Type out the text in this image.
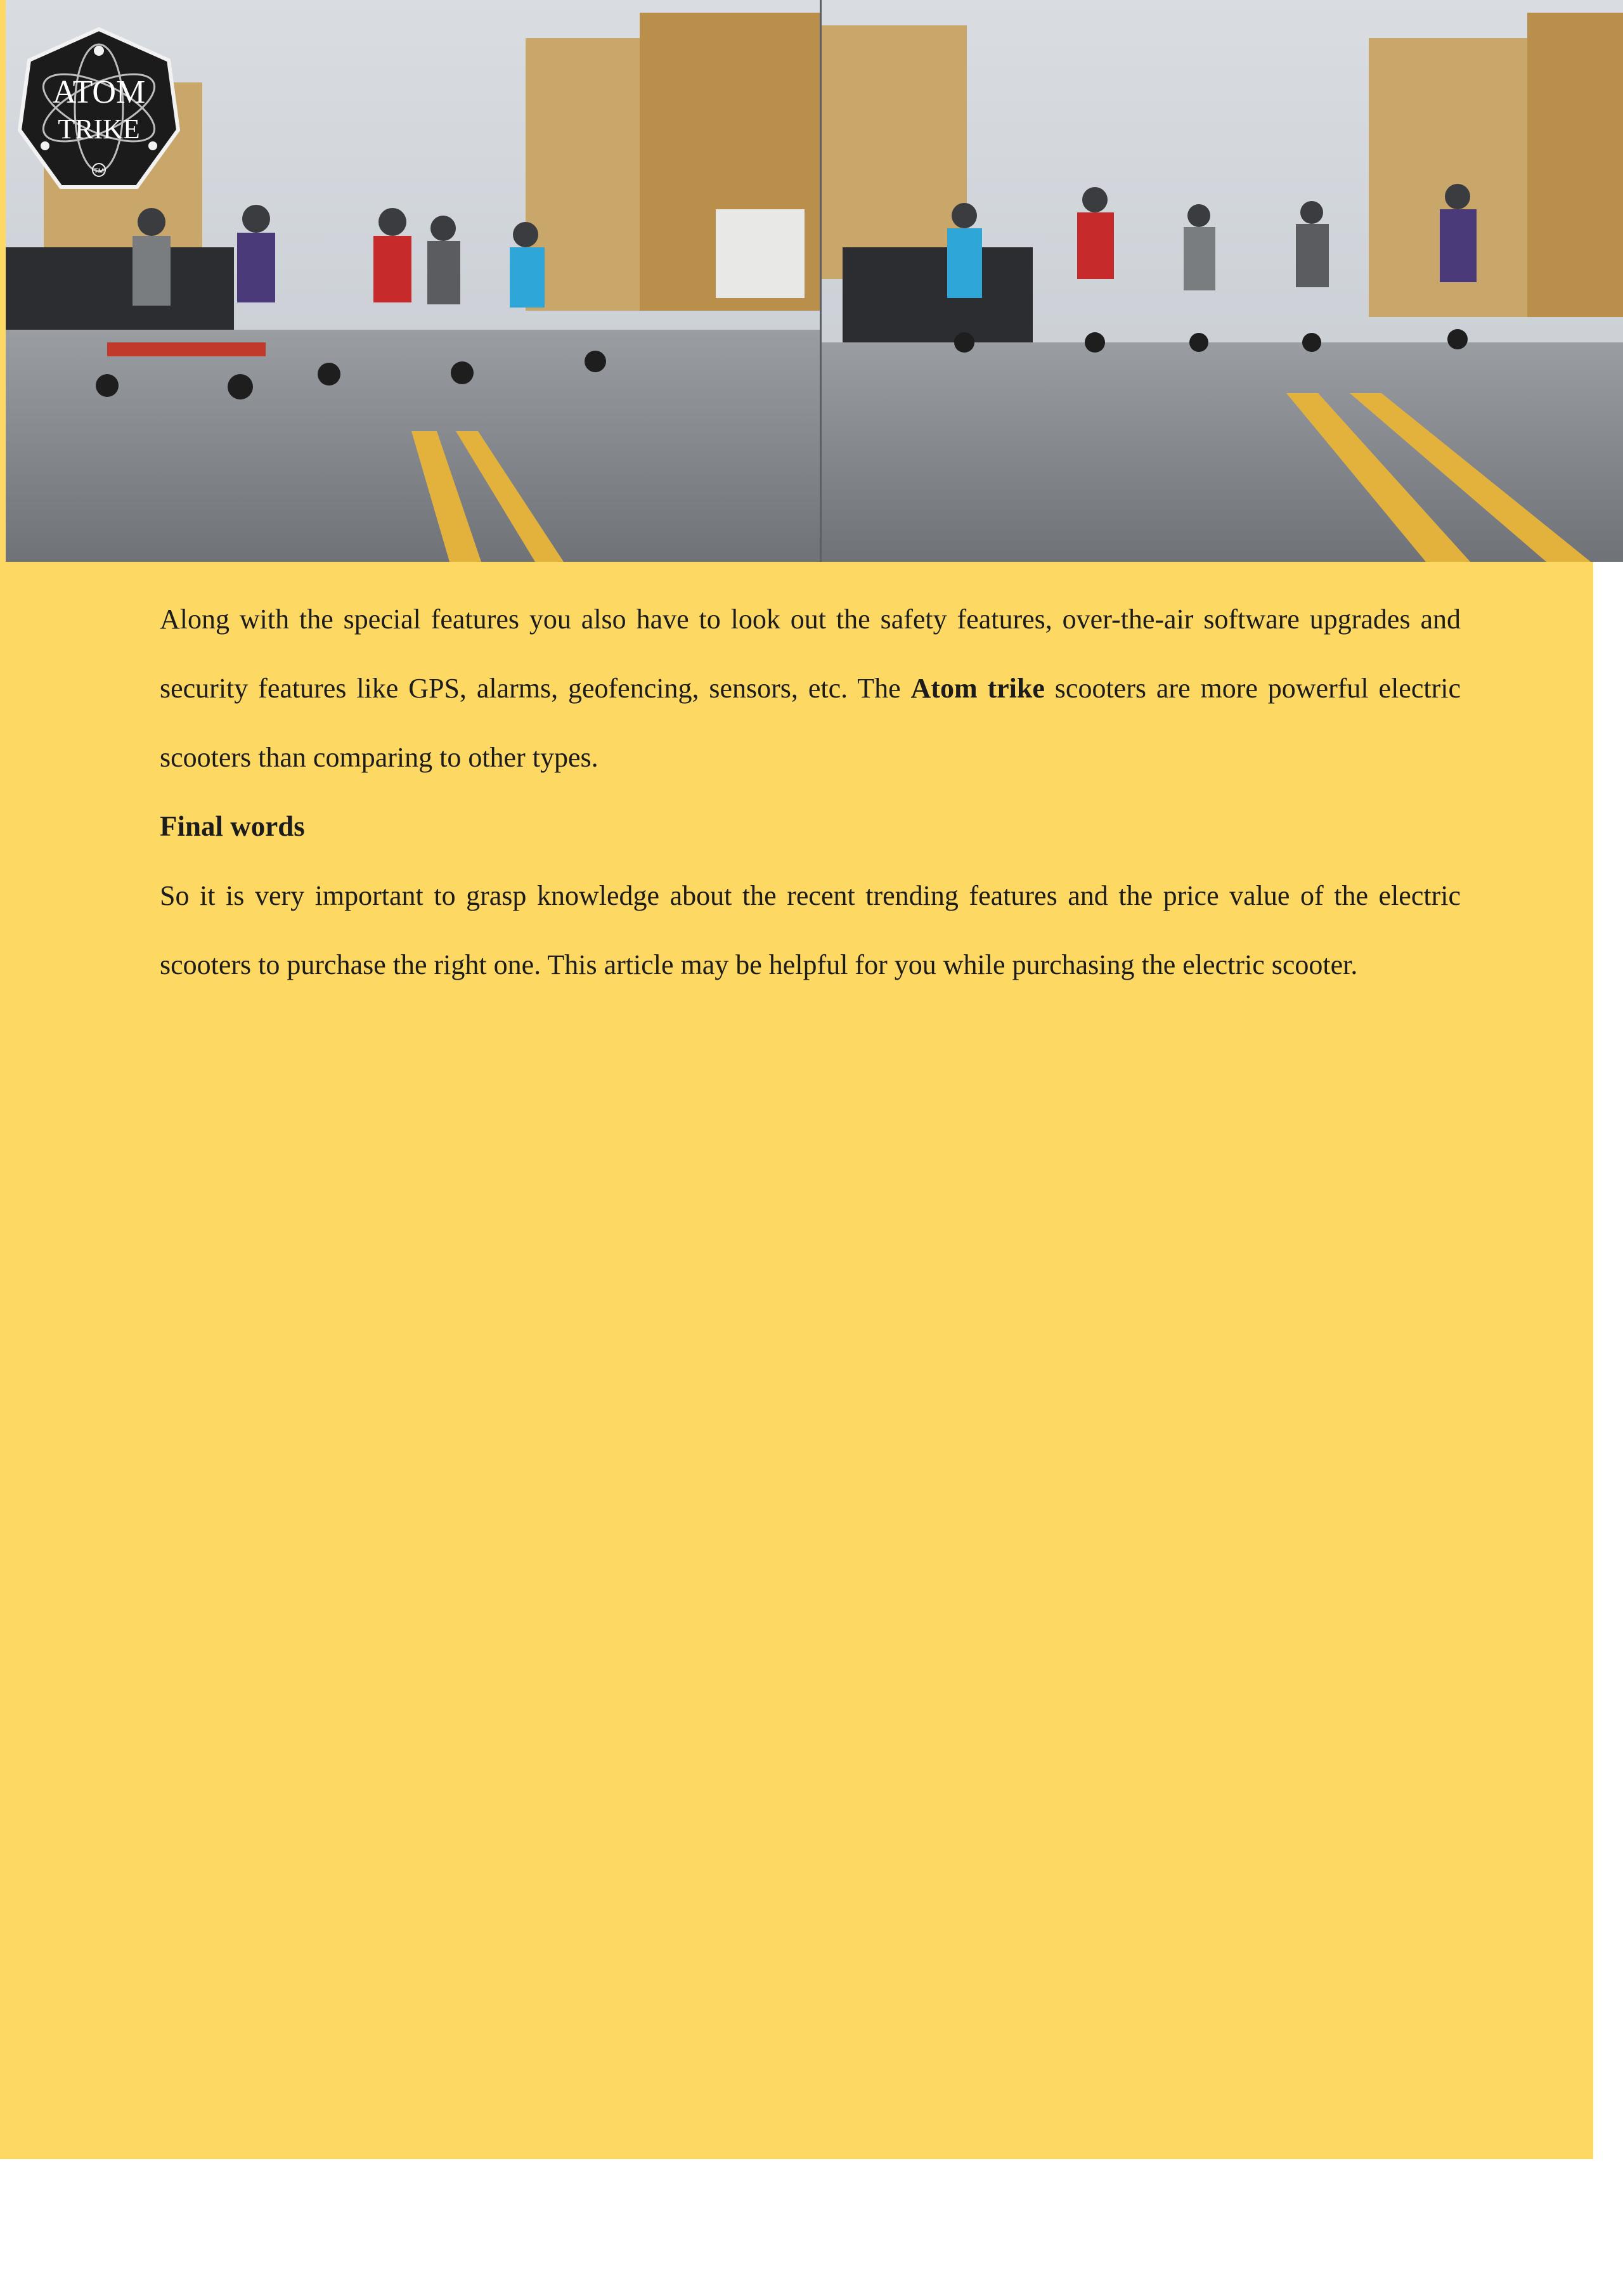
ATOM
TRIKE
TM

Along with the special features you also have to look out the safety features, over-the-air software upgrades and security features like GPS, alarms, geofencing, sensors, etc. The Atom trike scooters are more powerful electric scooters than comparing to other types.

Final words

So it is very important to grasp knowledge about the recent trending features and the price value of the electric scooters to purchase the right one. This article may be helpful for you while purchasing the electric scooter.
